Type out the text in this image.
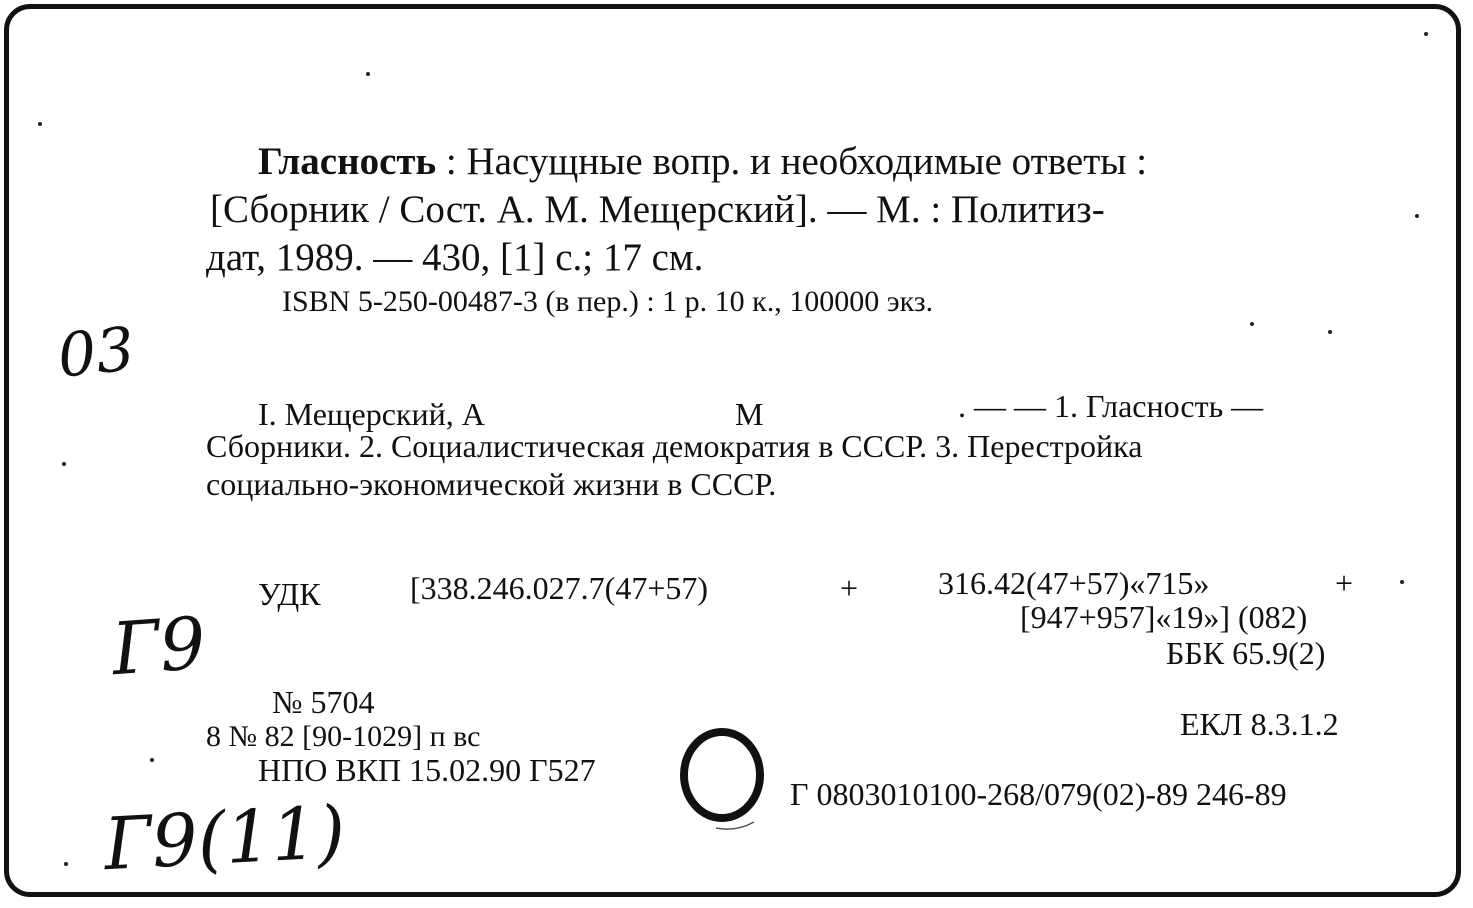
Гласность : Насущные вопр. и необходимые ответы :
[Сборник / Сост. А. М. Мещерский]. — М. : Политиз-
дат, 1989. — 430, [1] с.; 17 см.
ISBN 5-250-00487-3 (в пер.) : 1 р. 10 к., 100000 экз.
I. Мещерский, А	М	. — — 1. Гласность —
Сборники. 2. Социалистическая демократия в СССР. 3. Перестройка
социально-экономической жизни в СССР.
УДК	[338.246.027.7(47+57)	+ 316.42(47+57)«715»	+
[947+957]«19»] (082)
ББК 65.9(2)
№ 5704
8 № 82 [90-1029] п вс
НПО ВКП 15.02.90 Г527
ЕКЛ 8.3.1.2
Г 0803010100-268/079(02)-89 246-89
03
Г9
Г9(11)
